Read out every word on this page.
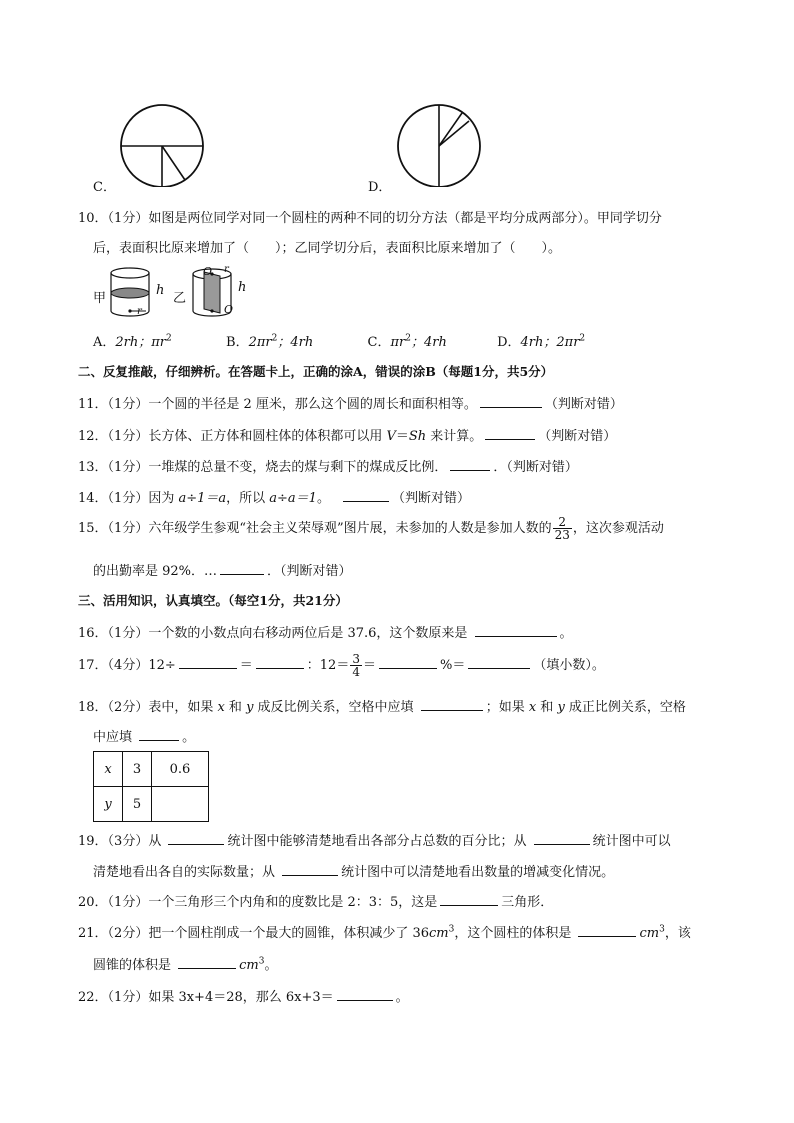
C．	D．
10．（1分）如图是两位同学对同一个圆柱的两种不同的切分方法（都是平均分成两部分）。甲同学切分
后，表面积比原来增加了（　　）；乙同学切分后，表面积比原来增加了（　　）。
甲
h
r
乙
O r
h
O
A．2rh；$\pi r^2$	B．$2\pi r^2$；4rh	C．$\pi r^2$；4rh	D．4rh；$2\pi r^2$
二、反复推敲，仔细辨析。在答题卡上，正确的涂A，错误的涂B（每题1分，共5分）
11．（1分）一个圆的半径是 2 厘米，那么这个圆的周长和面积相等。	（判断对错）
12．（1分）长方体、正方体和圆柱体的体积都可以用 V＝Sh 来计算。	（判断对错）
13．（1分）一堆煤的总量不变，烧去的煤与剩下的煤成反比例．	．（判断对错）
14．（1分）因为 a÷1＝a，所以 a÷a＝1。	（判断对错）
15．（1分）六年级学生参观“社会主义荣辱观”图片展，未参加的人数是参加人数的 $\frac{2}{23}$ ，这次参观活动
的出勤率是 92%．…	．（判断对错）
三、活用知识，认真填空。（每空1分，共21分）
16．（1分）一个数的小数点向右移动两位后是 37.6，这个数原来是	。
17．（4分）12÷	＝	：$12= \frac{3}{4}$ ＝	%＝	（填小数）。
18．（2分）表中，如果 x 和 y 成反比例关系，空格中应填	；如果 x 和 y 成正比例关系，空格
中应填	。
x	3	0.6
y	5	
19．（3分）从	统计图中能够清楚地看出各部分占总数的百分比；从	统计图中可以
清楚地看出各自的实际数量；从	统计图中可以清楚地看出数量的增减变化情况。
20．（1分）一个三角形三个内角和的度数比是 2：3：5，这是	三角形．
21．（2分）把一个圆柱削成一个最大的圆锥，体积减少了 $36cm^3$，这个圆柱的体积是	$cm^3$，该
圆锥的体积是	$cm^3$。
22．（1分）如果 3x+4＝28，那么 6x+3＝	。
